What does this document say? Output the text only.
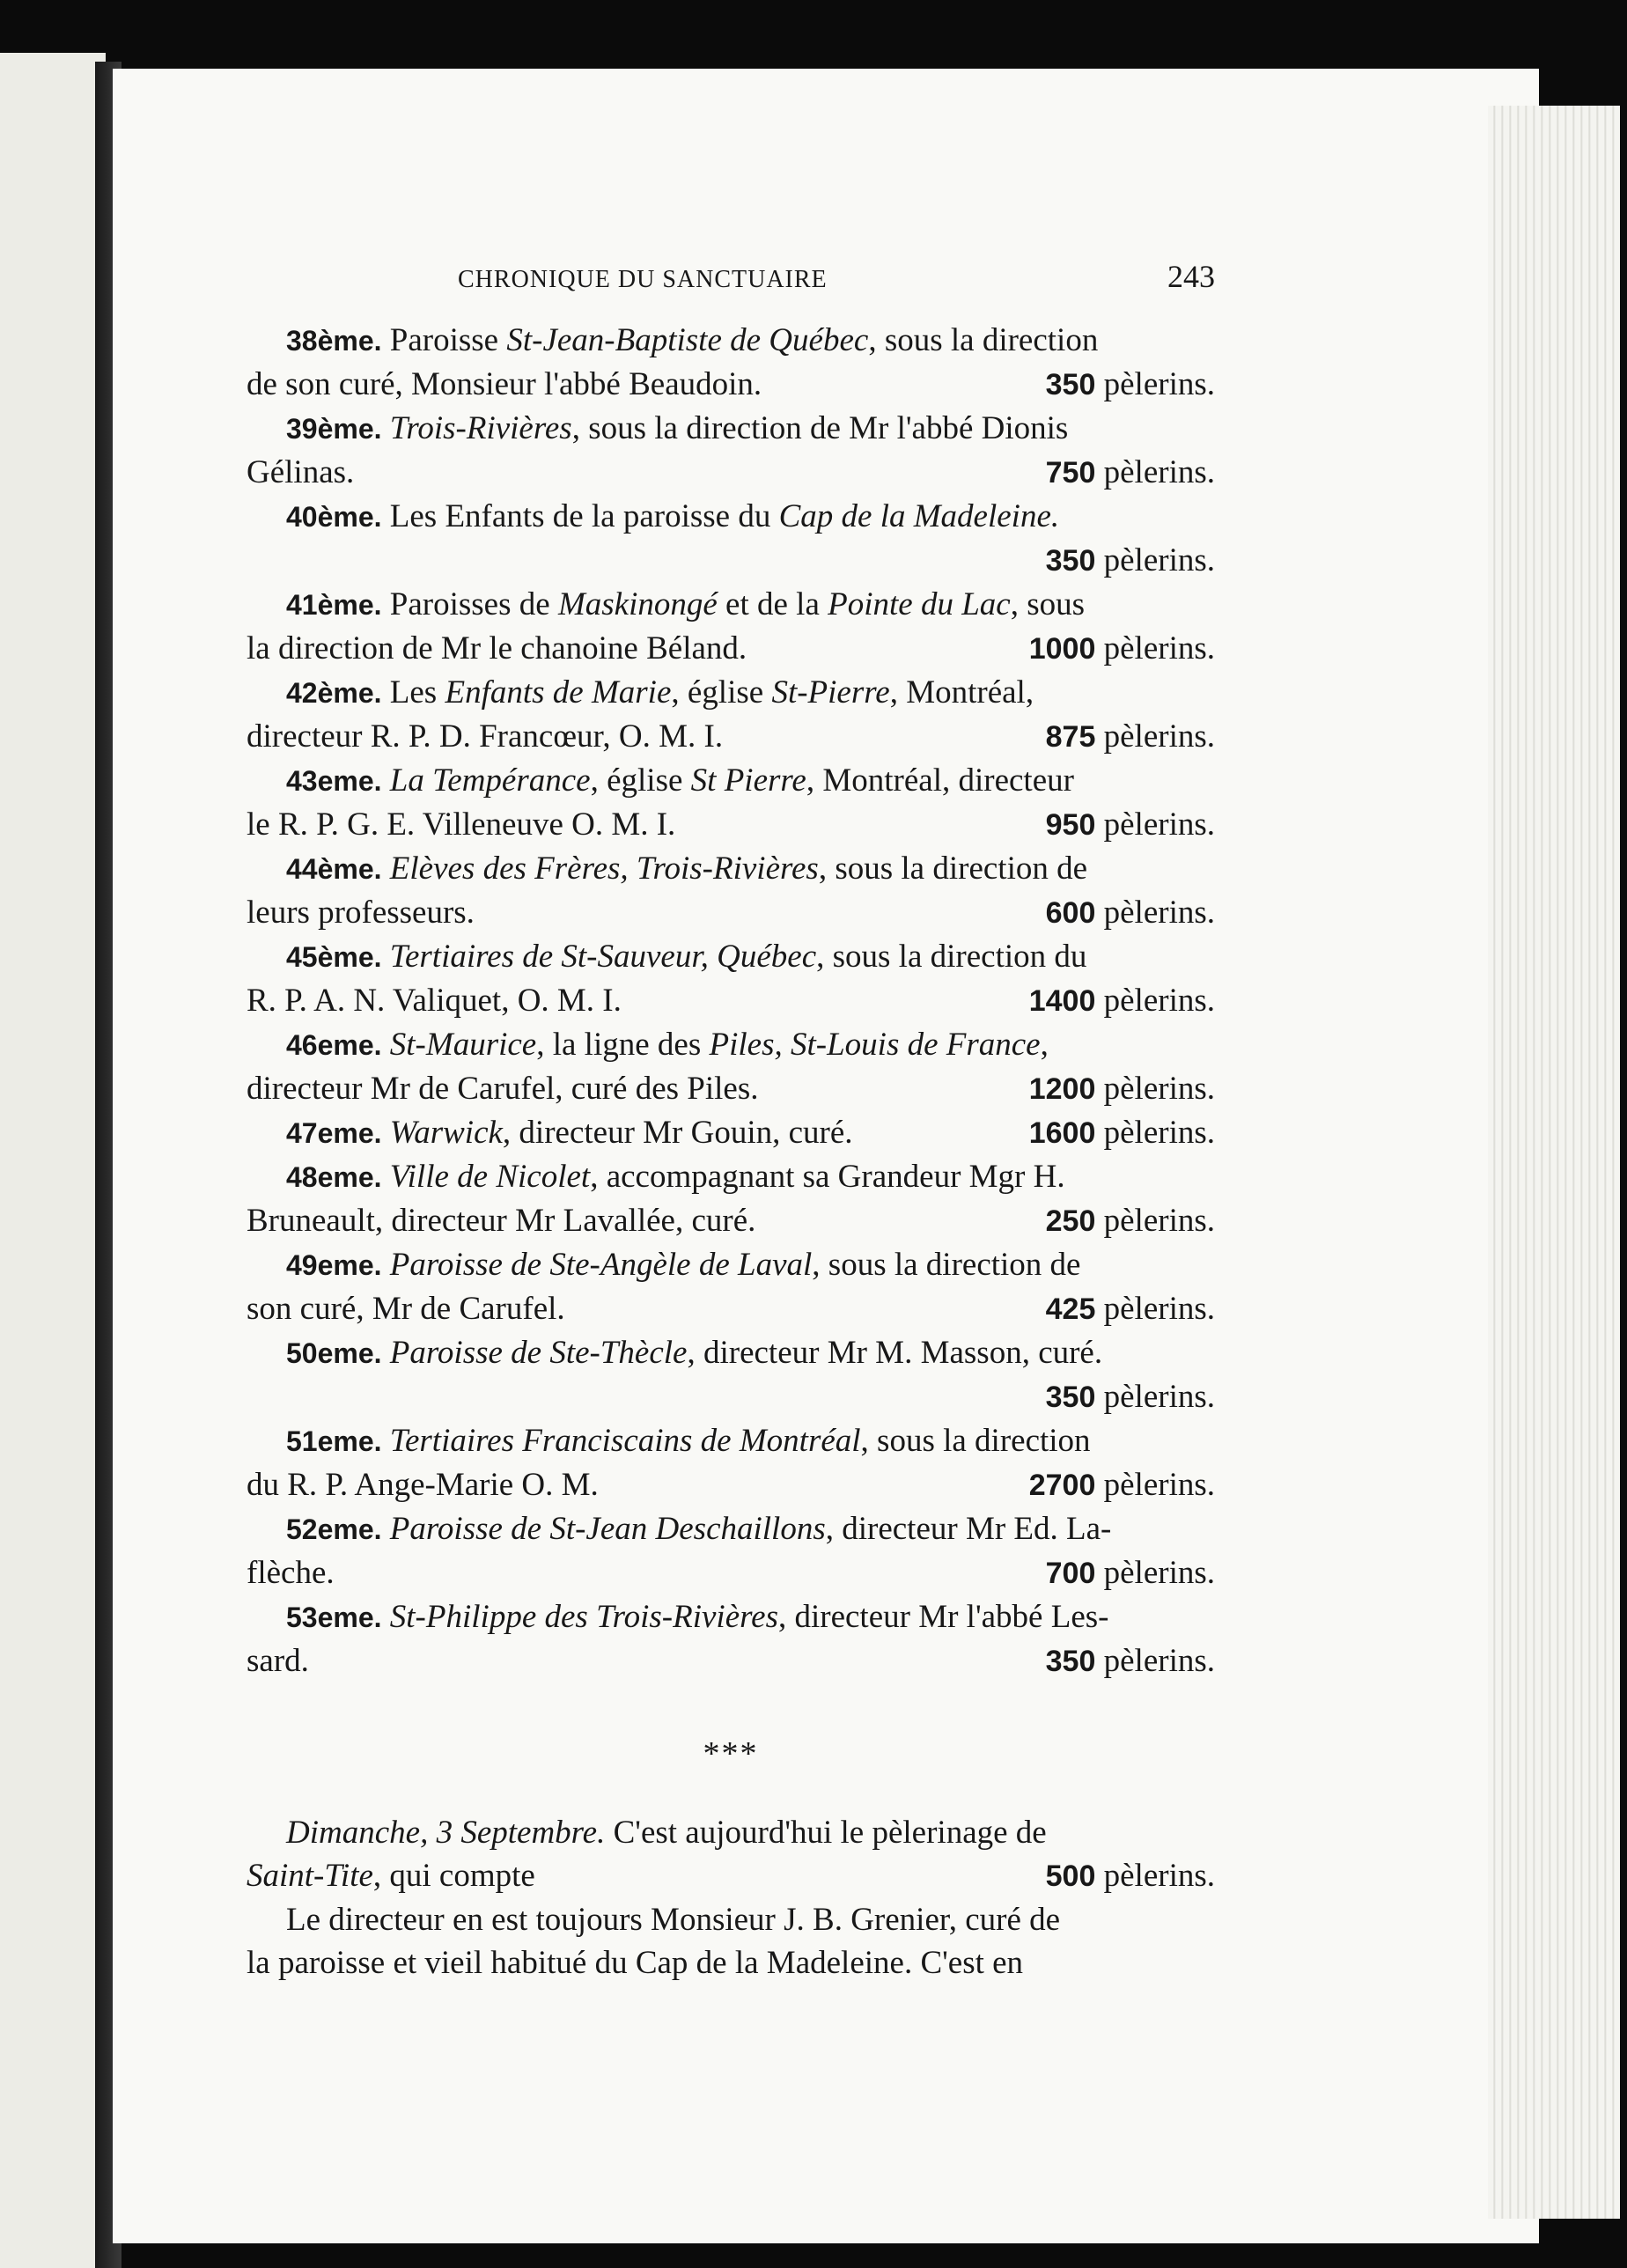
CHRONIQUE DU SANCTUAIRE	243
38ème. Paroisse St-Jean-Baptiste de Québec, sous la direction
de son curé, Monsieur l'abbé Beaudoin.	350 pèlerins.
39ème. Trois-Rivières, sous la direction de Mr l'abbé Dionis
Gélinas.	750 pèlerins.
40ème. Les Enfants de la paroisse du Cap de la Madeleine.
350 pèlerins.
41ème. Paroisses de Maskinongé et de la Pointe du Lac, sous
la direction de Mr le chanoine Béland.	1000 pèlerins.
42ème. Les Enfants de Marie, église St-Pierre, Montréal,
directeur R. P. D. Francœur, O. M. I.	875 pèlerins.
43eme. La Tempérance, église St Pierre, Montréal, directeur
le R. P. G. E. Villeneuve O. M. I.	950 pèlerins.
44ème. Elèves des Frères, Trois-Rivières, sous la direction de
leurs professeurs.	600 pèlerins.
45ème. Tertiaires de St-Sauveur, Québec, sous la direction du
R. P. A. N. Valiquet, O. M. I.	1400 pèlerins.
46eme. St-Maurice, la ligne des Piles, St-Louis de France,
directeur Mr de Carufel, curé des Piles.	1200 pèlerins.
47eme. Warwick, directeur Mr Gouin, curé.	1600 pèlerins.
48eme. Ville de Nicolet, accompagnant sa Grandeur Mgr H.
Bruneault, directeur Mr Lavallée, curé.	250 pèlerins.
49eme. Paroisse de Ste-Angèle de Laval, sous la direction de
son curé, Mr de Carufel.	425 pèlerins.
50eme. Paroisse de Ste-Thècle, directeur Mr M. Masson, curé.
350 pèlerins.
51eme. Tertiaires Franciscains de Montréal, sous la direction
du R. P. Ange-Marie O. M.	2700 pèlerins.
52eme. Paroisse de St-Jean Deschaillons, directeur Mr Ed. La-
flèche.	700 pèlerins.
53eme. St-Philippe des Trois-Rivières, directeur Mr l'abbé Les-
sard.	350 pèlerins.
***
Dimanche, 3 Septembre. C'est aujourd'hui le pèlerinage de
Saint-Tite, qui compte	500 pèlerins.
Le directeur en est toujours Monsieur J. B. Grenier, curé de
la paroisse et vieil habitué du Cap de la Madeleine. C'est en
